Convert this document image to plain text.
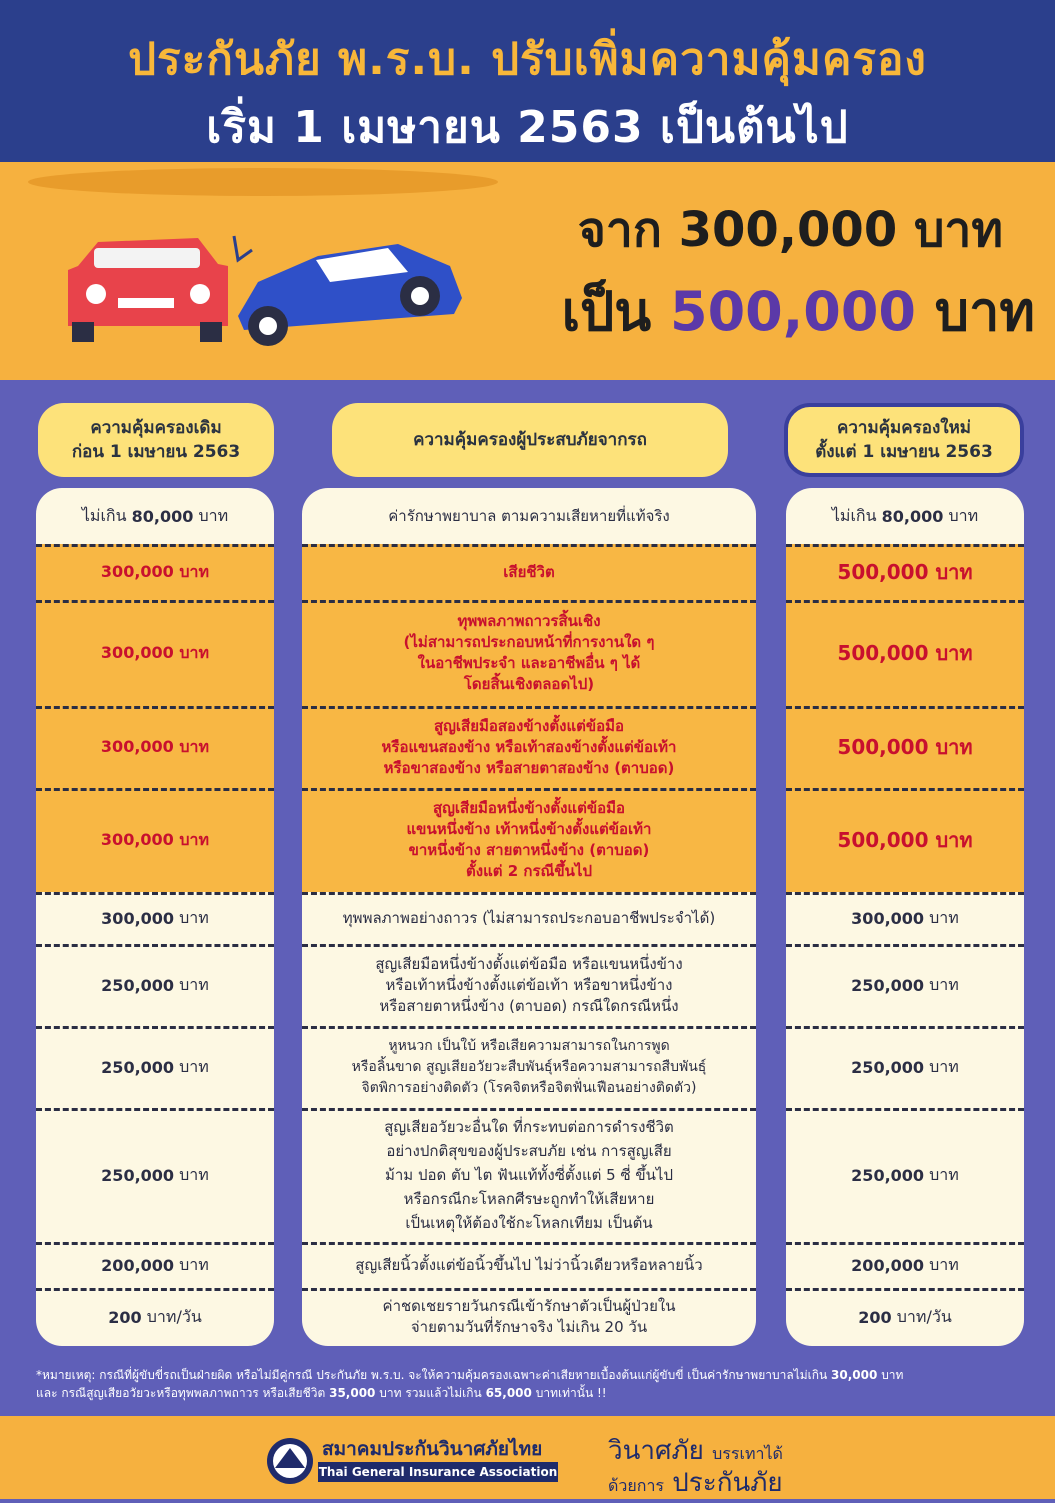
ประกันภัย พ.ร.บ. ปรับเพิ่มความคุ้มครอง
เริ่ม 1 เมษายน 2563 เป็นต้นไป
จาก 300,000 บาท
เป็น 500,000 บาท
ความคุ้มครองเดิม
ก่อน 1 เมษายน 2563
ความคุ้มครองผู้ประสบภัยจากรถ
ความคุ้มครองใหม่
ตั้งแต่ 1 เมษายน 2563
ไม่เกิน
80,000
บาท
300,000 บาท
300,000 บาท
300,000 บาท
300,000 บาท
300,000
บาท
250,000
บาท
250,000
บาท
250,000
บาท
200,000
บาท
200
บาท/วัน
ค่ารักษาพยาบาล ตามความเสียหายที่แท้จริง
เสียชีวิต
ทุพพลภาพถาวรสิ้นเชิง
(ไม่สามารถประกอบหน้าที่การงานใด ๆ
ในอาชีพประจำ และอาชีพอื่น ๆ ได้
โดยสิ้นเชิงตลอดไป)
สูญเสียมือสองข้างตั้งแต่ข้อมือ
หรือแขนสองข้าง หรือเท้าสองข้างตั้งแต่ข้อเท้า
หรือขาสองข้าง หรือสายตาสองข้าง (ตาบอด)
สูญเสียมือหนึ่งข้างตั้งแต่ข้อมือ
แขนหนึ่งข้าง เท้าหนึ่งข้างตั้งแต่ข้อเท้า
ขาหนึ่งข้าง สายตาหนึ่งข้าง (ตาบอด)
ตั้งแต่ 2 กรณีขึ้นไป
ทุพพลภาพอย่างถาวร (ไม่สามารถประกอบอาชีพประจำได้)
สูญเสียมือหนึ่งข้างตั้งแต่ข้อมือ หรือแขนหนึ่งข้าง
หรือเท้าหนึ่งข้างตั้งแต่ข้อเท้า หรือขาหนึ่งข้าง
หรือสายตาหนึ่งข้าง (ตาบอด) กรณีใดกรณีหนึ่ง
หูหนวก เป็นใบ้ หรือเสียความสามารถในการพูด
หรือลิ้นขาด สูญเสียอวัยวะสืบพันธุ์หรือความสามารถสืบพันธุ์
จิตพิการอย่างติดตัว (โรคจิตหรือจิตฟั่นเฟือนอย่างติดตัว)
สูญเสียอวัยวะอื่นใด ที่กระทบต่อการดำรงชีวิต
อย่างปกติสุขของผู้ประสบภัย เช่น การสูญเสีย
ม้าม ปอด ตับ ไต ฟันแท้ทั้งซี่ตั้งแต่ 5 ซี่ ขึ้นไป
หรือกรณีกะโหลกศีรษะถูกทำให้เสียหาย
เป็นเหตุให้ต้องใช้กะโหลกเทียม เป็นต้น
สูญเสียนิ้วตั้งแต่ข้อนิ้วขึ้นไป ไม่ว่านิ้วเดียวหรือหลายนิ้ว
ค่าชดเชยรายวันกรณีเข้ารักษาตัวเป็นผู้ป่วยใน
จ่ายตามวันที่รักษาจริง ไม่เกิน 20 วัน
ไม่เกิน
80,000
บาท
500,000 บาท
500,000 บาท
500,000 บาท
500,000 บาท
300,000
บาท
250,000
บาท
250,000
บาท
250,000
บาท
200,000
บาท
200
บาท/วัน
*หมายเหตุ: กรณีที่ผู้ขับขี่รถเป็นฝ่ายผิด หรือไม่มีคู่กรณี ประกันภัย พ.ร.บ. จะให้ความคุ้มครองเฉพาะค่าเสียหายเบื้องต้นแก่ผู้ขับขี่ เป็นค่ารักษาพยาบาลไม่เกิน 30,000 บาท
และ กรณีสูญเสียอวัยวะหรือทุพพลภาพถาวร หรือเสียชีวิต 35,000 บาท รวมแล้วไม่เกิน 65,000 บาทเท่านั้น !!
สมาคมประกันวินาศภัยไทย
Thai General Insurance Association
วินาศภัย บรรเทาได้
ด้วยการ ประกันภัย
